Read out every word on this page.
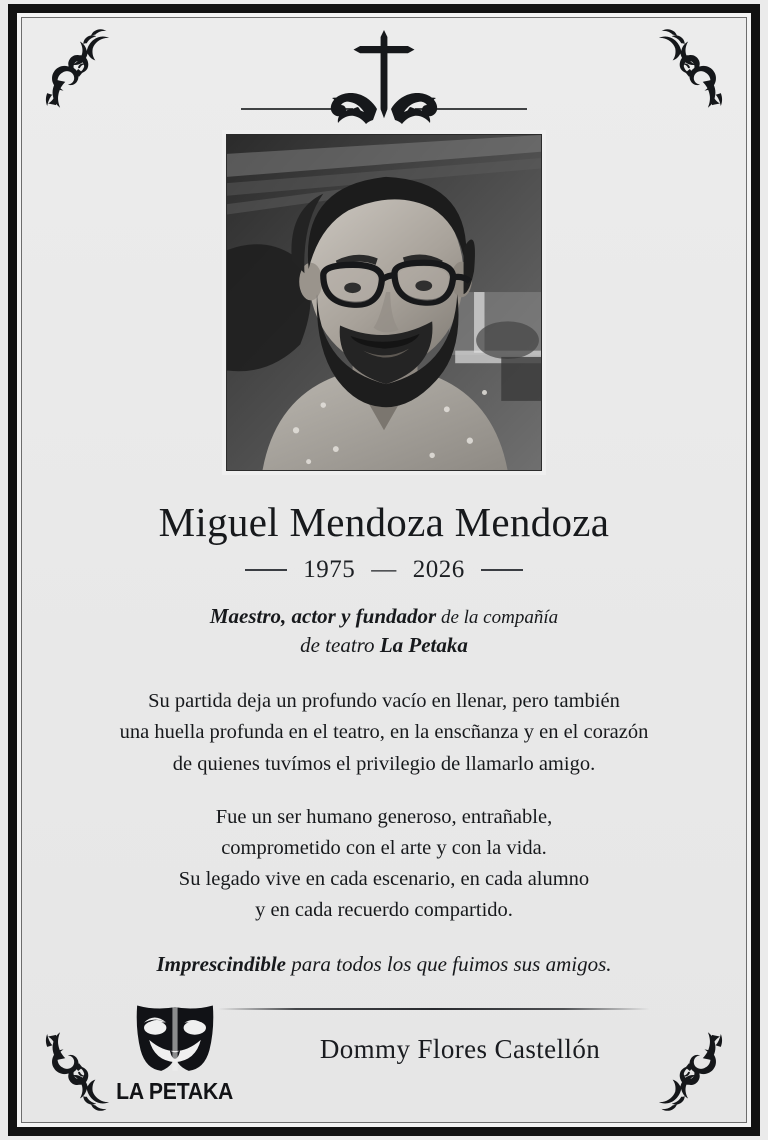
Miguel Mendoza Mendoza
1975 — 2026
Maestro, actor y fundador de la compañía
de teatro La Petaka
Su partida deja un profundo vacío en llenar, pero también
una huella profunda en el teatro, en la enscñanza y en el corazón
de quienes tuvímos el privilegio de llamarlo amigo.
Fue un ser humano generoso, entrañable,
comprometido con el arte y con la vida.
Su legado vive en cada escenario, en cada alumno
y en cada recuerdo compartido.
Imprescindible para todos los que fuimos sus amigos.
LA PETAKA
Dommy Flores Castellón
